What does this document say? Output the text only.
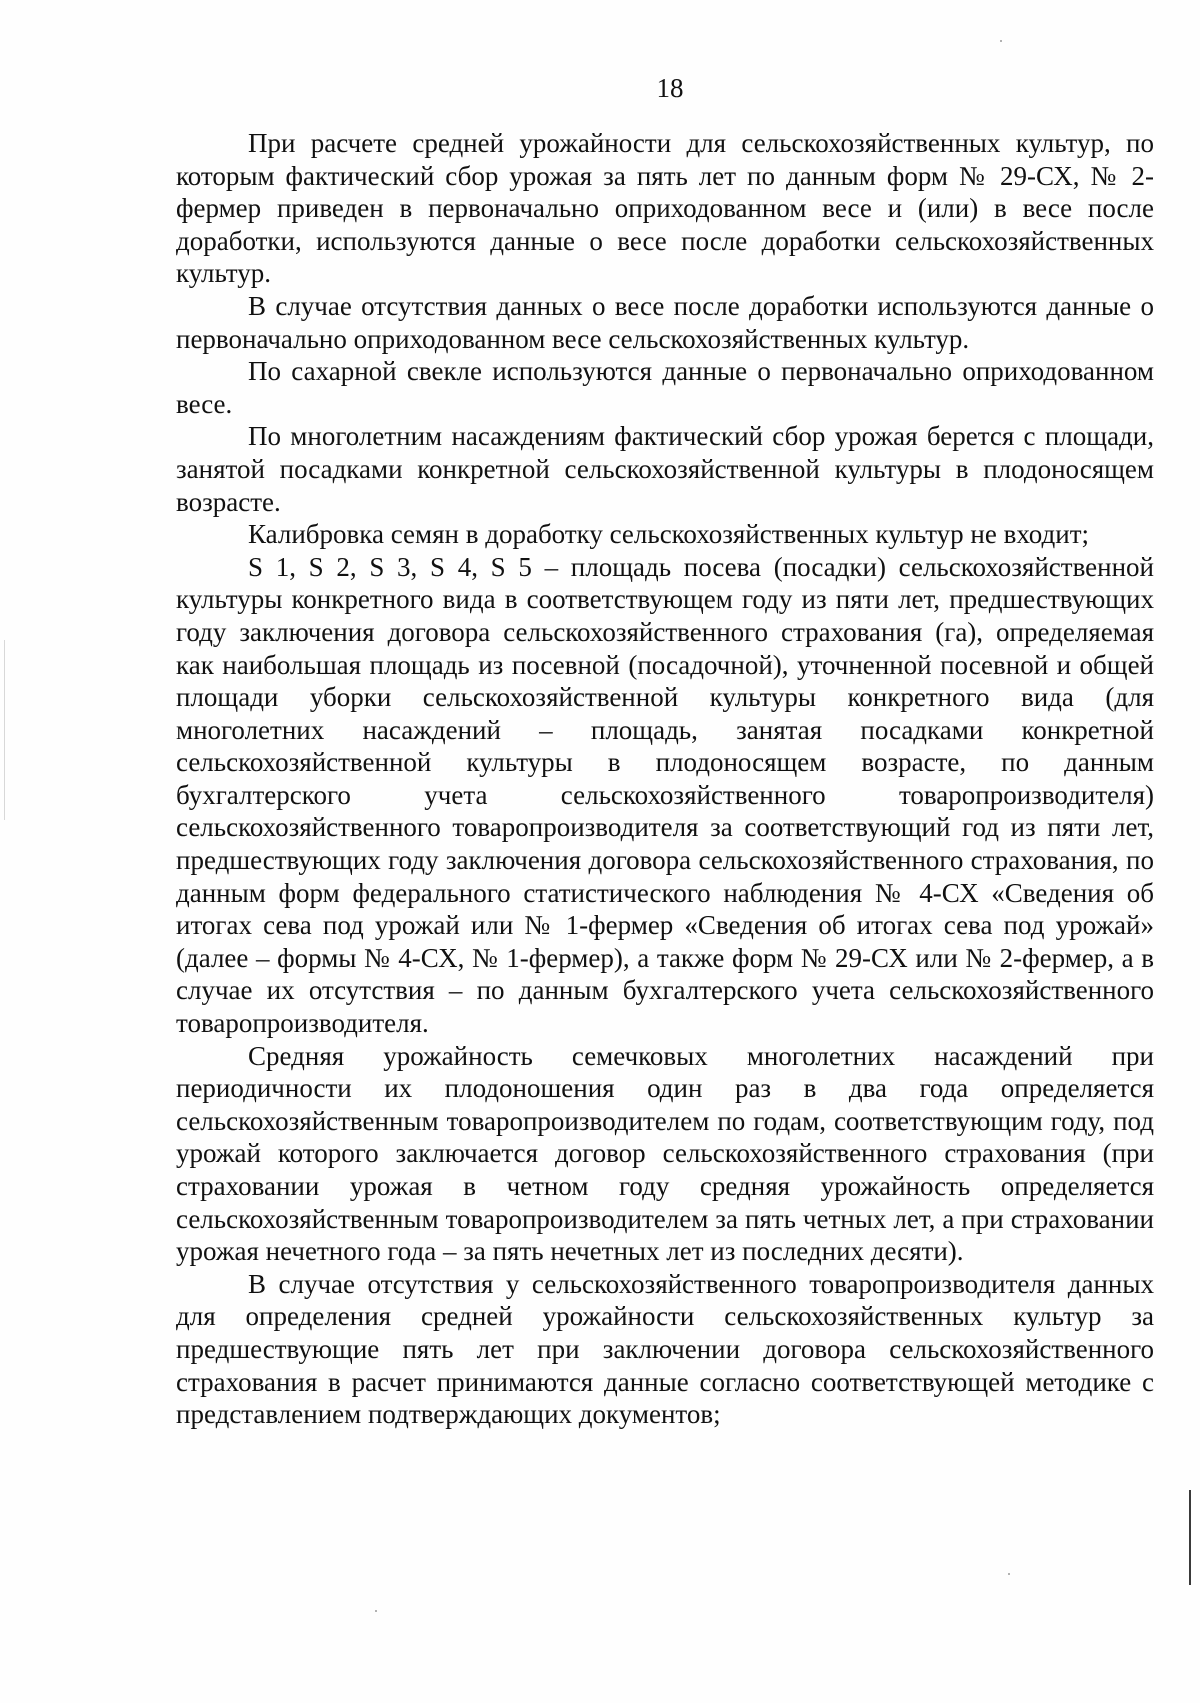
18

При расчете средней урожайности для сельскохозяйственных культур, по которым фактический сбор урожая за пять лет по данным форм № 29-СХ, № 2-фермер приведен в первоначально оприходованном весе и (или) в весе после доработки, используются данные о весе после доработки сельскохозяйственных культур.

В случае отсутствия данных о весе после доработки используются данные о первоначально оприходованном весе сельскохозяйственных культур.

По сахарной свекле используются данные о первоначально оприходованном весе.

По многолетним насаждениям фактический сбор урожая берется с площади, занятой посадками конкретной сельскохозяйственной культуры в плодоносящем возрасте.

Калибровка семян в доработку сельскохозяйственных культур не входит;

S 1, S 2, S 3, S 4, S 5 – площадь посева (посадки) сельскохозяйственной культуры конкретного вида в соответствующем году из пяти лет, предшествующих году заключения договора сельскохозяйственного страхования (га), определяемая как наибольшая площадь из посевной (посадочной), уточненной посевной и общей площади уборки сельскохозяйственной культуры конкретного вида (для многолетних насаждений – площадь, занятая посадками конкретной сельскохозяйственной культуры в плодоносящем возрасте, по данным бухгалтерского учета сельскохозяйственного товаропроизводителя) сельскохозяйственного товаропроизводителя за соответствующий год из пяти лет, предшествующих году заключения договора сельскохозяйственного страхования, по данным форм федерального статистического наблюдения № 4-СХ «Сведения об итогах сева под урожай или № 1-фермер «Сведения об итогах сева под урожай» (далее – формы № 4-СХ, № 1-фермер), а также форм № 29-СХ или № 2-фермер, а в случае их отсутствия – по данным бухгалтерского учета сельскохозяйственного товаропроизводителя.

Средняя урожайность семечковых многолетних насаждений при периодичности их плодоношения один раз в два года определяется сельскохозяйственным товаропроизводителем по годам, соответствующим году, под урожай которого заключается договор сельскохозяйственного страхования (при страховании урожая в четном году средняя урожайность определяется сельскохозяйственным товаропроизводителем за пять четных лет, а при страховании урожая нечетного года – за пять нечетных лет из последних десяти).

В случае отсутствия у сельскохозяйственного товаропроизводителя данных для определения средней урожайности сельскохозяйственных культур за предшествующие пять лет при заключении договора сельскохозяйственного страхования в расчет принимаются данные согласно соответствующей методике с представлением подтверждающих документов;
